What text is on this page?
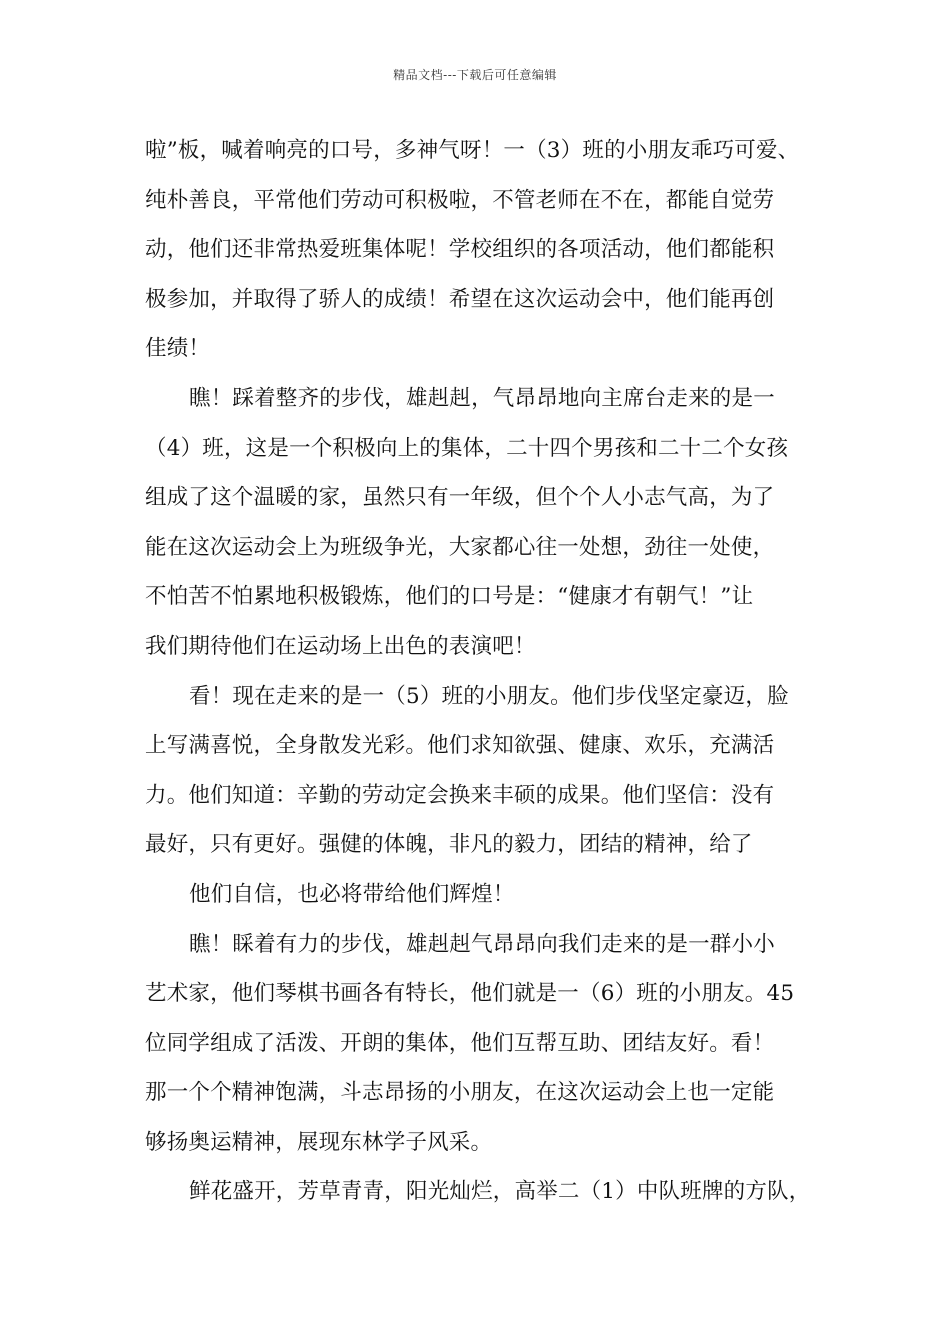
精品文档---下载后可任意编辑
啦”板，喊着响亮的口号，多神气呀！一（3）班的小朋友乖巧可爱、
纯朴善良，平常他们劳动可积极啦，不管老师在不在，都能自觉劳
动，他们还非常热爱班集体呢！学校组织的各项活动，他们都能积
极参加，并取得了骄人的成绩！希望在这次运动会中，他们能再创
佳绩！
瞧！踩着整齐的步伐，雄赳赳，气昂昂地向主席台走来的是一
（4）班，这是一个积极向上的集体，二十四个男孩和二十二个女孩
组成了这个温暖的家，虽然只有一年级，但个个人小志气高，为了
能在这次运动会上为班级争光，大家都心往一处想，劲往一处使，
不怕苦不怕累地积极锻炼，他们的口号是：“健康才有朝气！”让
我们期待他们在运动场上出色的表演吧！
看！现在走来的是一（5）班的小朋友。他们步伐坚定豪迈，脸
上写满喜悦，全身散发光彩。他们求知欲强、健康、欢乐，充满活
力。他们知道：辛勤的劳动定会换来丰硕的成果。他们坚信：没有
最好，只有更好。强健的体魄，非凡的毅力，团结的精神，给了
他们自信，也必将带给他们辉煌！
瞧！睬着有力的步伐，雄赳赳气昂昂向我们走来的是一群小小
艺术家，他们琴棋书画各有特长，他们就是一（6）班的小朋友。45
位同学组成了活泼、开朗的集体，他们互帮互助、团结友好。看！
那一个个精神饱满，斗志昂扬的小朋友，在这次运动会上也一定能
够扬奥运精神，展现东林学子风采。
鲜花盛开，芳草青青，阳光灿烂，高举二（1）中队班牌的方队，
